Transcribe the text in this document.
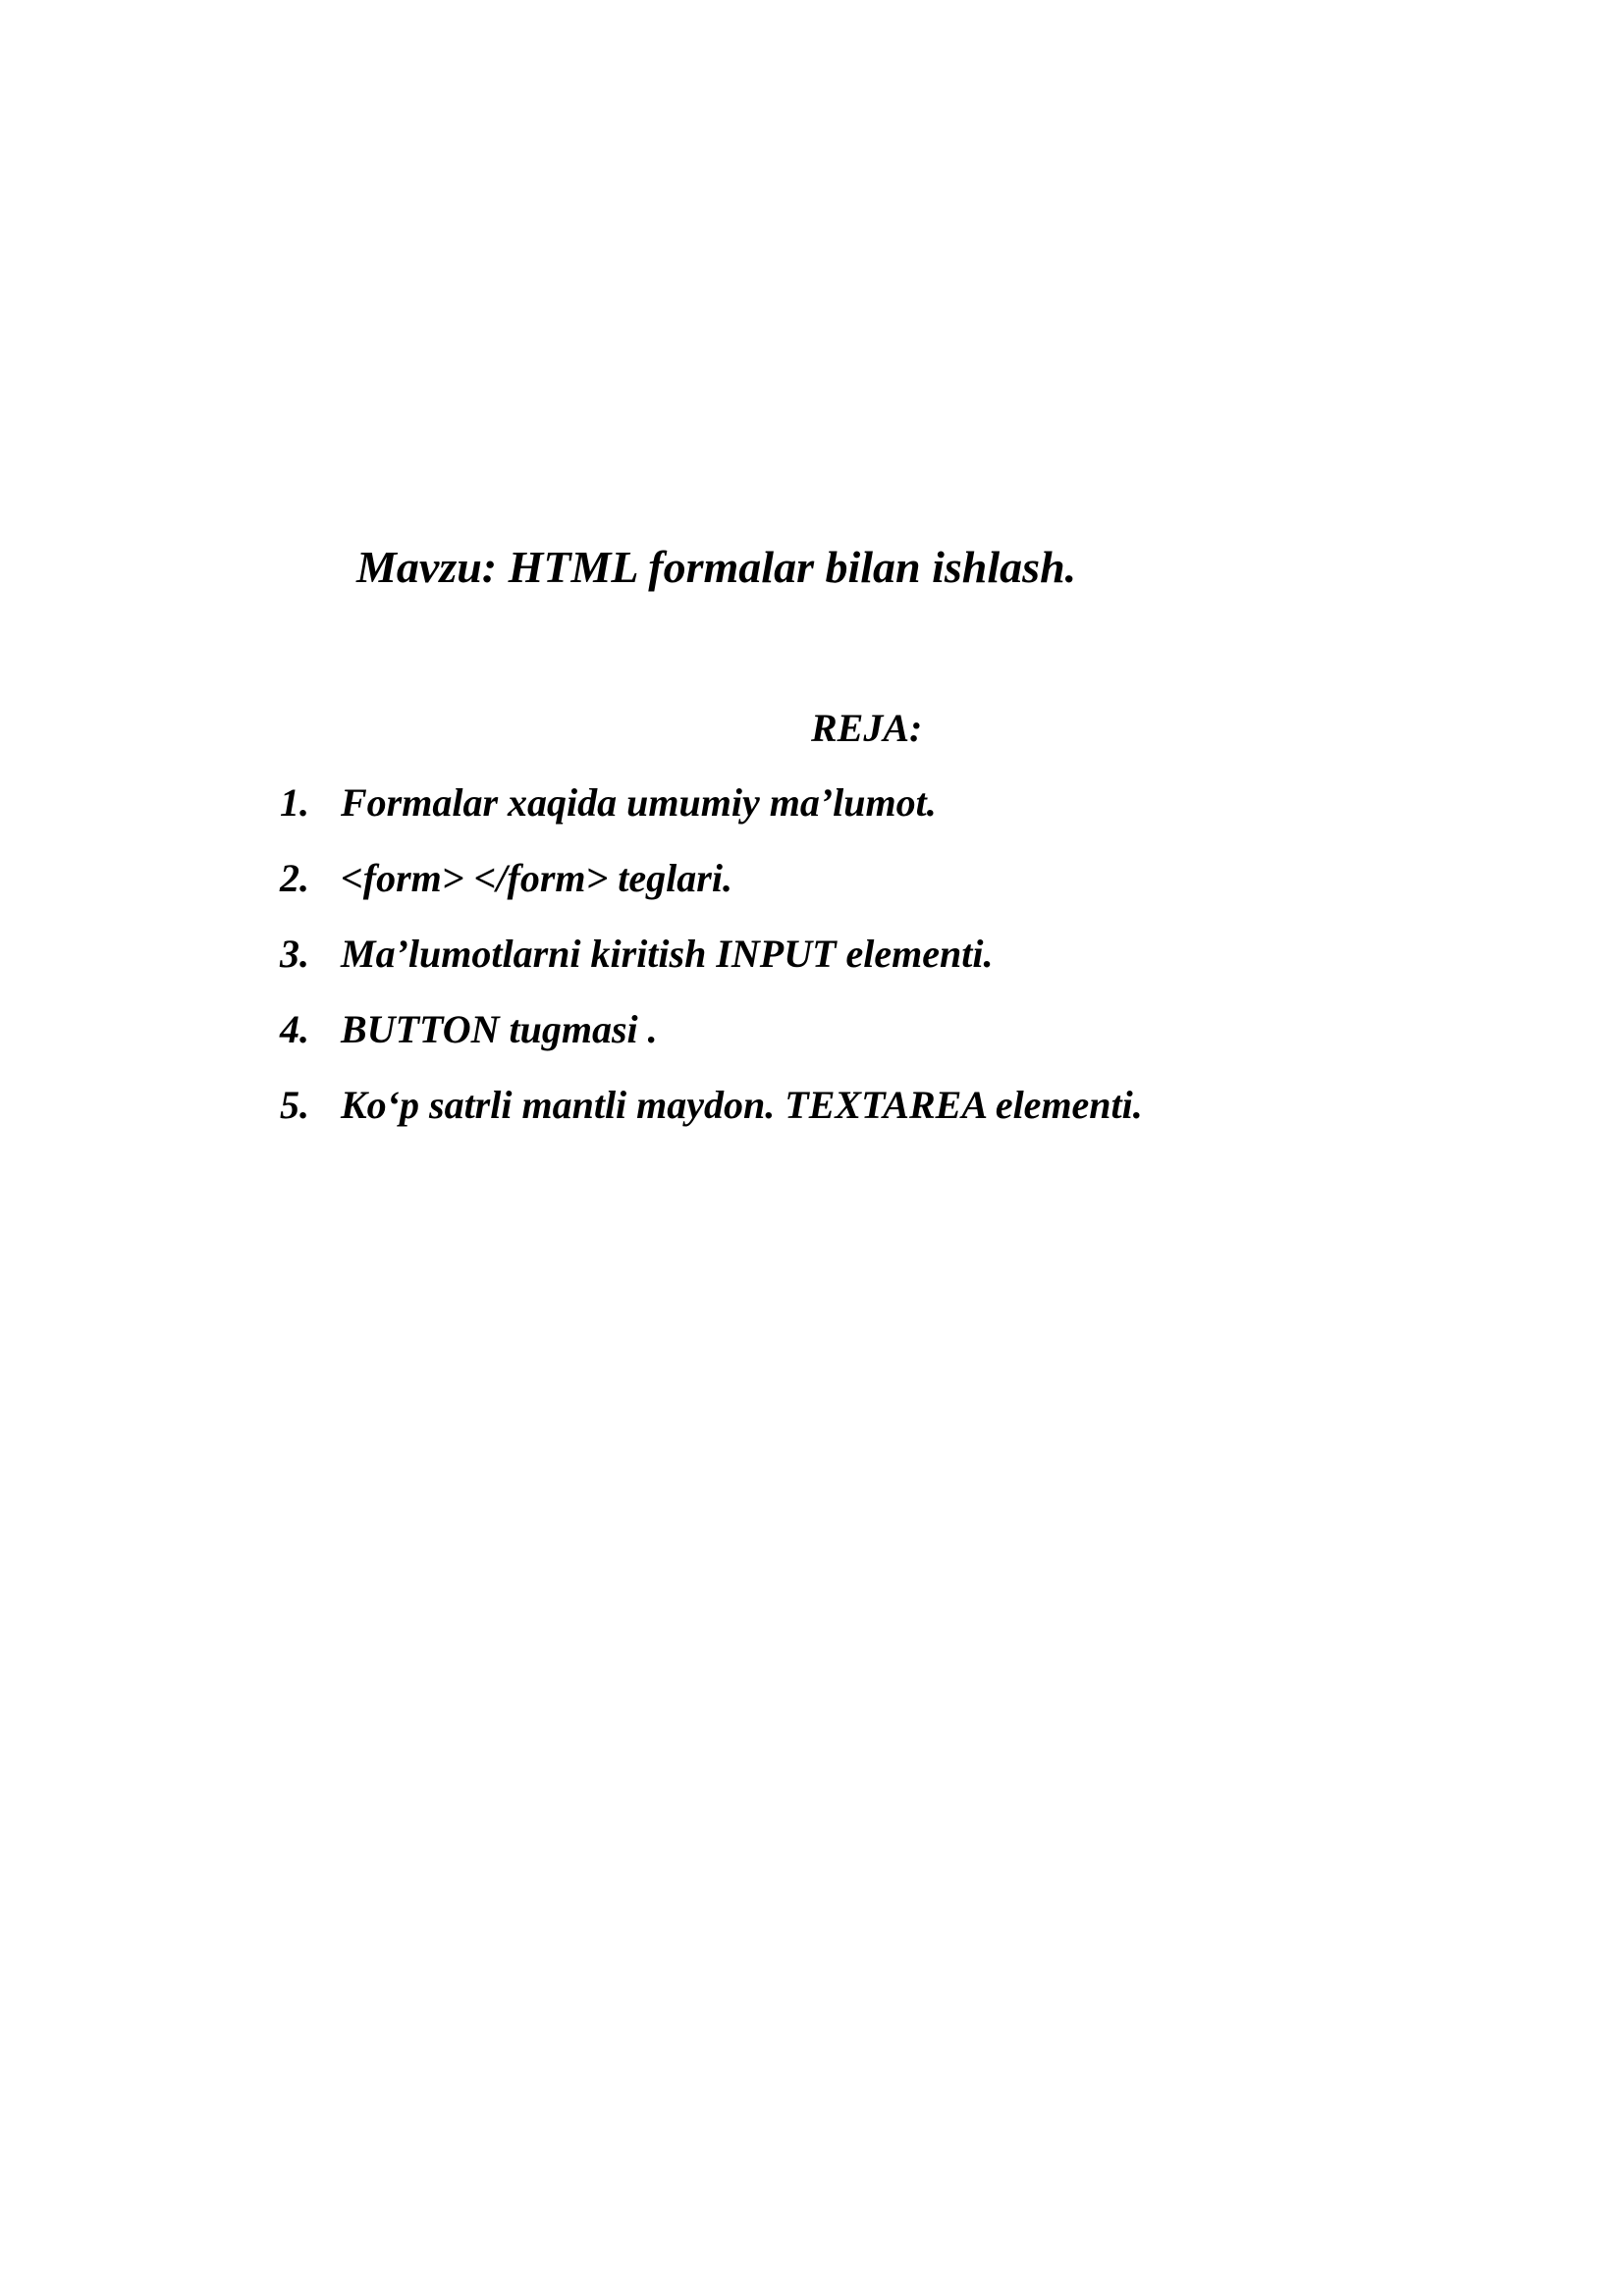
Mavzu: HTML formalar bilan ishlash.
REJA:
1. Formalar xaqida umumiy ma’lumot.
2. <form> </form> teglari.
3. Ma’lumotlarni kiritish INPUT elementi.
4. BUTTON tugmasi .
5. Ko‘p satrli mantli maydon. TEXTAREA elementi.
